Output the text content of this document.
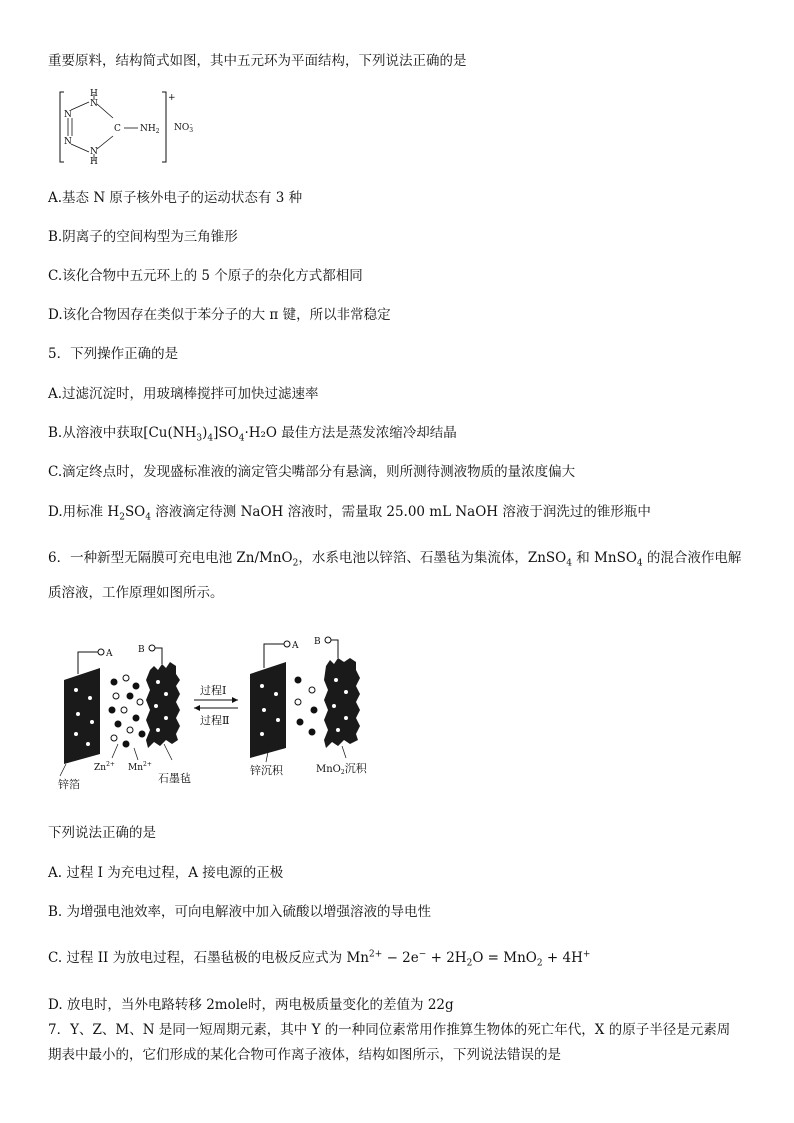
重要原料，结构简式如图，其中五元环为平面结构，下列说法正确的是
H
N
N
N
C $NH_2$
N
H
+
$NO_3-$
A.基态 N 原子核外电子的运动状态有 3 种
B.阴离子的空间构型为三角锥形
C.该化合物中五元环上的 5 个原子的杂化方式都相同
D.该化合物因存在类似于苯分子的大 π 键，所以非常稳定
5．下列操作正确的是
A.过滤沉淀时，用玻璃棒搅拌可加快过滤速率
B.从溶液中获取$[Cu(NH_3)_4]SO_4\cdot H_2O$ 最佳方法是蒸发浓缩冷却结晶
C.滴定终点时，发现盛标准液的滴定管尖嘴部分有悬滴，则所测待测液物质的量浓度偏大
D.用标准 $H_2SO_4$ 溶液滴定待测 NaOH 溶液时，需量取 25.00 mL NaOH 溶液于润洗过的锥形瓶中
6．一种新型无隔膜可充电电池 Zn/MnO$_2$，水系电池以锌箔、石墨毡为集流体，ZnSO$_4$ 和 MnSO$_4$ 的混合液作电解
质溶液，工作原理如图所示。
A	B
$Zn^{2+}$ $Mn^{2+}$
锌箔	石墨毡
过程Ⅰ
过程Ⅱ
A B
锌沉积	MnO$_2$沉积
下列说法正确的是
A. 过程 I 为充电过程，A 接电源的正极
B. 为增强电池效率，可向电解液中加入硫酸以增强溶液的导电性
C. 过程 II 为放电过程，石墨毡极的电极反应式为 $Mn^{2+} - 2e^- + 2H_2O = MnO_2 + 4H^+$
D. 放电时，当外电路转移 2mole时，两电极质量变化的差值为 22g
7．Y、Z、M、N 是同一短周期元素，其中 Y 的一种同位素常用作推算生物体的死亡年代，X 的原子半径是元素周
期表中最小的，它们形成的某化合物可作离子液体，结构如图所示，下列说法错误的是
